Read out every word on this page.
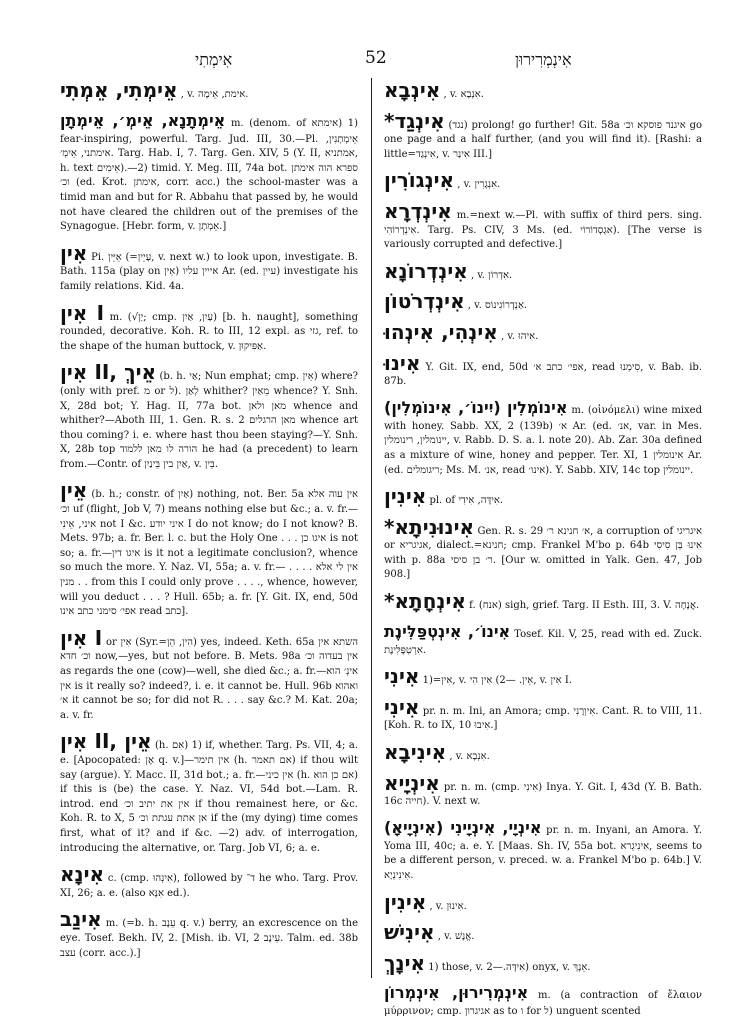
אִימְתִי	52	אִינְמְרִירוּן
אֵימְתִי, אֵמְתִי , v. אימת, אֵימָה.
אֵימְתָנָא, אֵימְ׳, אֵימְתָן m. (denom. of אימתא) 1) fear-inspiring, powerful. Targ. Jud. III, 30.—Pl. אֵימְתָנִין, אימתני, אֵימְ׳. Targ. Hab. I, 7. Targ. Gen. XIV, 5 (Y. II, אמתניא, h. text אֵימִים).—2) timid. Y. Meg. III, 74a bot. ספרא הוה אימתן וכ׳ (ed. Krot. אימתן, corr. acc.) the school-master was a timid man and but for R. Abbahu that passed by, he would not have cleared the children out of the premises of the Synagogue. [Hebr. form, v. אֵמְתָן.]
אִין Pi. אֵיֵּין (=עָיֵין, v. next w.) to look upon, investigate. B. Bath. 115a (play on אֵין) אייין עליו Ar. (ed. עיין) investigate his family relations. Kid. 4a.
אִין I m. (√יַן; cmp. עַיִן, אַיִן) [b. h. naught], something rounded, decorative. Koh. R. to III, 12 expl. as גזי, ref. to the shape of the human buttock, v. אַפִּיקוּן.
אִין II, אֵיךְ (b. h. אַי; Nun emphat; cmp. אֵין) where? (only with pref. מ or ל). לְאַן whither? מֵאַיִן whence? Y. Snh. X, 28d bot; Y. Hag. II, 77a bot. מאן ולאן whence and whither?—Aboth III, 1. Gen. R. s. 2 מאן הרגלים whence art thou coming? i. e. where hast thou been staying?—Y. Snh. X, 28b top הורה לו מאן ללמוד he had (a precedent) to learn from.—Contr. of אַיִן בין בֵּינַיִן, v. בֵּין.
אֵין (b. h.; constr. of אַיִן) nothing, not. Ber. 5a אין עוה אלא וכ׳ uf (flight, Job V, 7) means nothing else but &c.; a. v. fr.—איני, אֵינִי not I &c. איני יודע I do not know; do I not know? B. Mets. 97b; a. fr. Ber. l. c. but the Holy One . . . איגו כן is not so; a. fr.—איגו דין is it not a legitimate conclusion?, whence so much the more. Y. Naz. VI, 55a; a. v. fr.— . . . אין לי אלא . . . מנין from this I could only prove . . . ., whence, however, will you deduct . . . ? Hull. 65b; a. fr. [Y. Git. IX, end, 50d אפי׳ סימני כתב אינו read כתב].
אִין I or אִין (Syr.=הִין, הֵן) yes, indeed. Keth. 65a השתא אין וכ׳ חדא now,—yes, but not before. B. Mets. 98a אין בעדוה וכ׳ as regards the one (cow)—well, she died &c.; a. fr.—אינְ׳ הוא אין is it really so? indeed?, i. e. it cannot be. Hull. 96b ואהוא א׳ it cannot be so; for did not R. . . . say &c.? M. Kat. 20a; a. v. fr.
אִין II, אֵין (h. אִם) 1) if, whether. Targ. Ps. VII, 4; a. e. [Apocopated: אֶן q. v.]—אין תימר (h. אם תאמר) if thou wilt say (argue). Y. Macc. II, 31d bot.; a. fr.—אין כיני (h. אם כן הוא) if this is (be) the case. Y. Naz. VI, 54d bot.—Lam. R. introd. end אין את יתיב וכ׳ if thou remainest here, or &c. Koh. R. to X, 5 אן אתת עגתת וכ׳ if the (my dying) time comes first, what of it? and if &c. —2) adv. of interrogation, introducing the alternative, or. Targ. Job VI, 6; a. e.
אִינָא c. (cmp. אִינְהוּ), followed by ד־ he who. Targ. Prov. XI, 26; a. e. (also אִנָּא ed.).
אִינַב m. (=b. h. עֵנָב q. v.) berry, an excrescence on the eye. Tosef. Bekh. IV, 2. [Mish. ib. VI, 2 עֵינָב. Talm. ed. 38b עצב (corr. acc.).]
אִינְבָא , v. אִנְבָא.
*אִינְגַד (נגד) prolong! go further! Git. 58a איגנד פוסקא וכ׳ go one page and a half further, (and you will find it). [Rashi: a little=אִינְגַד, v. אִינַר III.]
אִינְגוֹרִין , v. אִנְגָרִין.
אִינְדְרָא m.=next w.—Pl. with suffix of third pers. sing. אִינְדְרוֹהִי. Targ. Ps. CIV, 3 Ms. (ed. אִגְסְדוֹרוֹי). [The verse is variously corrupted and defective.]
אִינְדְרוֹנָא , v. אִדְרוֹן.
אִינְדְרֹטוֹן , v. אַנְדְרוֹגִינוֹס.
אִינְהִי, אִינְהוּ , v. אִיהוּ.
אִינוּ Y. Git. IX, end, 50d אפי׳ כתב א׳, read סִימְנוּ, v. Bab. ib. 87b.
אִינוֹמְלִין (יִינוֹ׳, אִינוֹמְלִין) m. (οἰνόμελι) wine mixed with honey. Sabb. XX, 2 (139b) א׳ Ar. (ed. אנ׳, var. in Mes. יינומלין, רינומלין, v. Rabb. D. S. a. l. note 20). Ab. Zar. 30a defined as a mixture of wine, honey and pepper. Ter. XI, 1 אינומלין Ar. (ed. ריגומלים; Ms. M. אנ׳, read אינו׳). Y. Sabb. XIV, 14c top יינומלין.
אִינִין pl. of אִידָּה, אִידִי.
*אִינוּנִיתָא Gen. R. s. 29 א׳ חנינא ר׳, a corruption of איגריגי or אגיגריא, dialect.=חנינא; cmp. Frankel M'bo p. 64b אִינוּ בְּן סִיסִי with p. 88a ר׳ בן סיסי. [Our w. omitted in Yalk. Gen. 47, Job 908.]
*אִינְחָתָא f. (אנח) sigh, grief. Targ. II Esth. III, 3. V. אֲנָחָה.
אִינוֹ׳, אִינְטְפַּלִּינֶת Tosef. Kil. V, 25, read with ed. Zuck. אִרְטְפָּלִּינֶת.
אִינִי 1)=אִין, v. אֵין. —2) אִין הִי, v. אִין I.
אִינִי pr. n. m. Ini, an Amora; cmp. אִיוְרָנִי. Cant. R. to VIII, 11. [Koh. R. to IX, 10 אִיבוּ.]
אִינִיבָא , v. אִנְבָא.
אִינְיָיא pr. n. m. (cmp. אִינִי) Inya. Y. Git. I, 43d (Y. B. Bath. 16c חייה). V. next w.
(אִינְיָיאָ) אִינְיָי, אִינְיָינִי pr. n. m. Inyani, an Amora. Y. Yoma III, 40c; a. e. Y. [Maas. Sh. IV, 55a bot. אִינִיגְרא, seems to be a different person, v. preced. w. a. Frankel M'bo p. 64b.] V. אִינִינְיָא.
אִינִין , v. אִינוּן.
אִינִישׁ , v. אֱנָשׁ.
אִינָךְ 1) those, v. אִידָּה.—2) onyx, v. אֵנָךְ.
אִינְמְרִירוּן, אִינְמְרוֹן m. (a contraction of ἔλαιον μύρρινον; cmp. אגיגרון as to ו for ל) unguent scented
